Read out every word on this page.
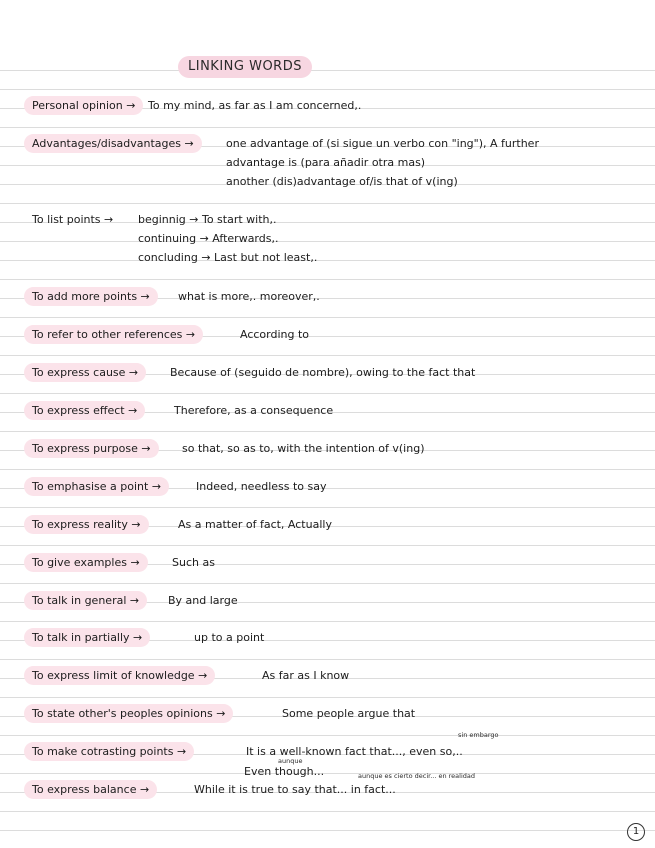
LINKING WORDS
Personal opinion →	To my mind, as far as I am concerned,.
Advantages/disadvantages →	one advantage of (si sigue un verbo con "ing"), A further
advantage is (para añadir otra mas)
another (dis)advantage of/is that of v(ing)
To list points →	beginnig → To start with,.
continuing → Afterwards,.
concluding → Last but not least,.
To add more points →	what is more,. moreover,.
To refer to other references →	According to
To express cause →	Because of (seguido de nombre), owing to the fact that
To express effect →	Therefore, as a consequence
To express purpose →	so that, so as to, with the intention of v(ing)
To emphasise a point →	Indeed, needless to say
To express reality →	As a matter of fact, Actually
To give examples →	Such as
To talk in general →	By and large
To talk in partially →	up to a point
To express limit of knowledge →	As far as I know
To state other's peoples opinions →	Some people argue that
sin embargo
To make cotrasting points →	It is a well-known fact that..., even so,..
aunque
Even though...	aunque es cierto decir... en realidad
To express balance →	While it is true to say that... in fact...
1
